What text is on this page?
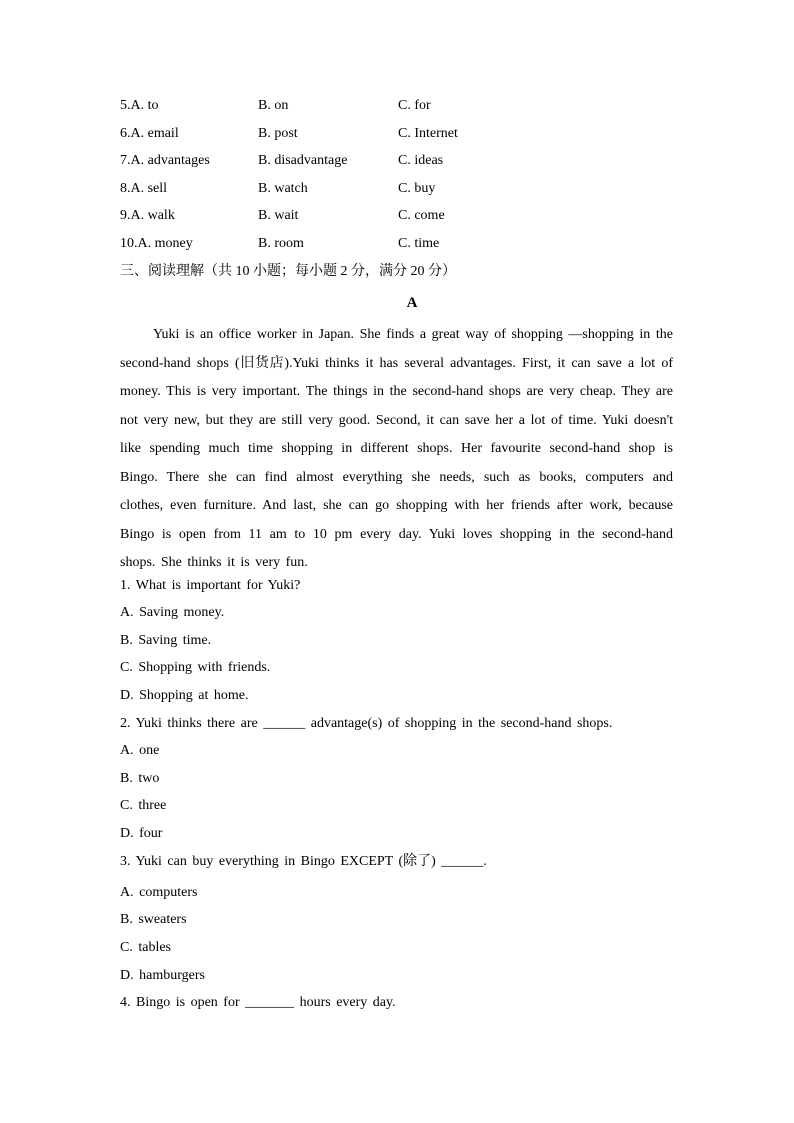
5.A. to	B. on	C. for
6.A. email	B. post	C. Internet
7.A. advantages	B. disadvantage	C. ideas
8.A. sell	B. watch	C. buy
9.A. walk	B. wait	C. come
10.A. money	B. room	C. time
三、阅读理解（共 10 小题；每小题 2 分，满分 20 分）
A

Yuki is an office worker in Japan. She finds a great way of shopping —shopping in the second-hand shops (旧货店).Yuki thinks it has several advantages. First, it can save a lot of money. This is very important. The things in the second-hand shops are very cheap. They are not very new, but they are still very good. Second, it can save her a lot of time. Yuki doesn't like spending much time shopping in different shops. Her favourite second-hand shop is Bingo. There she can find almost everything she needs, such as books, computers and clothes, even furniture. And last, she can go shopping with her friends after work, because Bingo is open from 11 am to 10 pm every day. Yuki loves shopping in the second-hand shops. She thinks it is very fun.

1. What is important for Yuki?
A. Saving money.
B. Saving time.
C. Shopping with friends.
D. Shopping at home.
2. Yuki thinks there are ______ advantage(s) of shopping in the second-hand shops.
A. one
B. two
C. three
D. four
3. Yuki can buy everything in Bingo EXCEPT (除了) ______.
A. computers
B. sweaters
C. tables
D. hamburgers
4. Bingo is open for _______ hours every day.
